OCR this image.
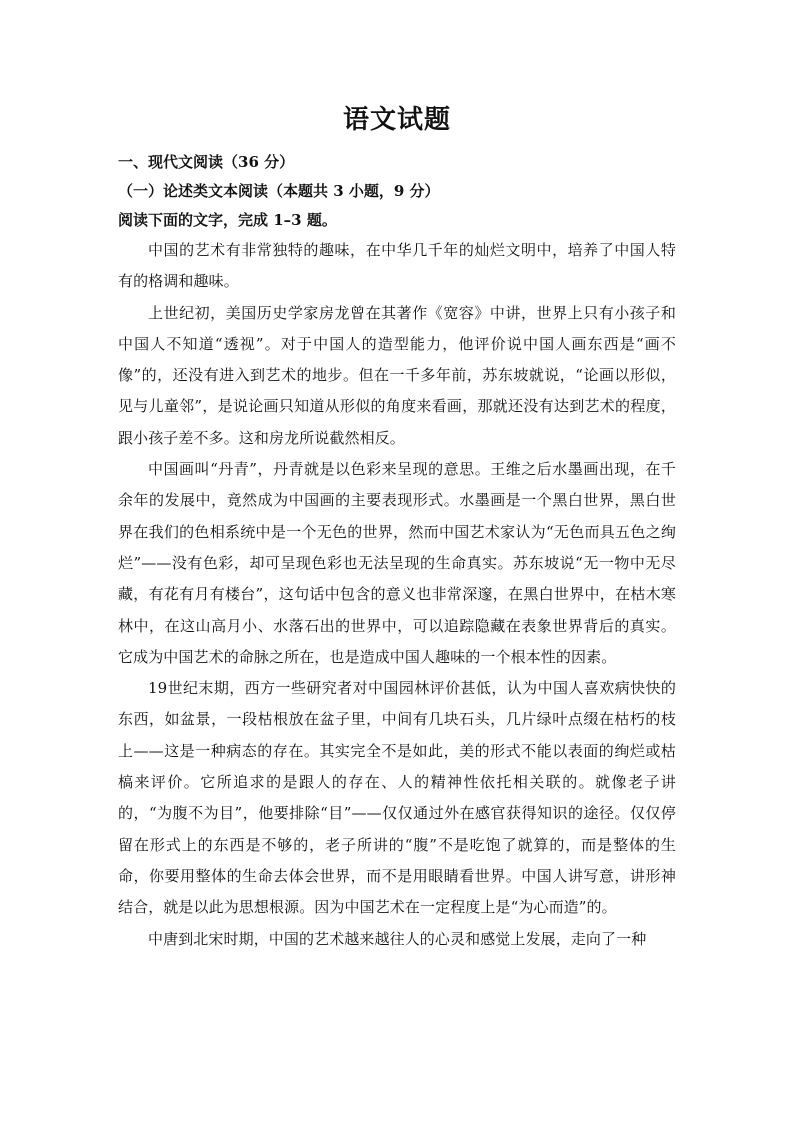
语文试题
一、现代文阅读（36 分）
（一）论述类文本阅读（本题共 3 小题，9 分）
阅读下面的文字，完成 1–3 题。

中国的艺术有非常独特的趣味，在中华几千年的灿烂文明中，培养了中国人特有的格调和趣味。

上世纪初，美国历史学家房龙曾在其著作《宽容》中讲，世界上只有小孩子和中国人不知道“透视”。对于中国人的造型能力，他评价说中国人画东西是“画不像”的，还没有进入到艺术的地步。但在一千多年前，苏东坡就说，“论画以形似，见与儿童邻”，是说论画只知道从形似的角度来看画，那就还没有达到艺术的程度，跟小孩子差不多。这和房龙所说截然相反。

中国画叫“丹青”，丹青就是以色彩来呈现的意思。王维之后水墨画出现，在千余年的发展中，竟然成为中国画的主要表现形式。水墨画是一个黑白世界，黑白世界在我们的色相系统中是一个无色的世界，然而中国艺术家认为“无色而具五色之绚烂”——没有色彩，却可呈现色彩也无法呈现的生命真实。苏东坡说“无一物中无尽藏，有花有月有楼台”，这句话中包含的意义也非常深邃，在黑白世界中，在枯木寒林中，在这山高月小、水落石出的世界中，可以追踪隐藏在表象世界背后的真实。它成为中国艺术的命脉之所在，也是造成中国人趣味的一个根本性的因素。

19世纪末期，西方一些研究者对中国园林评价甚低，认为中国人喜欢病快快的东西，如盆景，一段枯根放在盆子里，中间有几块石头，几片绿叶点缀在枯朽的枝上——这是一种病态的存在。其实完全不是如此，美的形式不能以表面的绚烂或枯槁来评价。它所追求的是跟人的存在、人的精神性依托相关联的。就像老子讲的，“为腹不为目”，他要排除“目”——仅仅通过外在感官获得知识的途径。仅仅停留在形式上的东西是不够的，老子所讲的“腹”不是吃饱了就算的，而是整体的生命，你要用整体的生命去体会世界，而不是用眼睛看世界。中国人讲写意，讲形神结合，就是以此为思想根源。因为中国艺术在一定程度上是“为心而造”的。

中唐到北宋时期，中国的艺术越来越往人的心灵和感觉上发展，走向了一种
